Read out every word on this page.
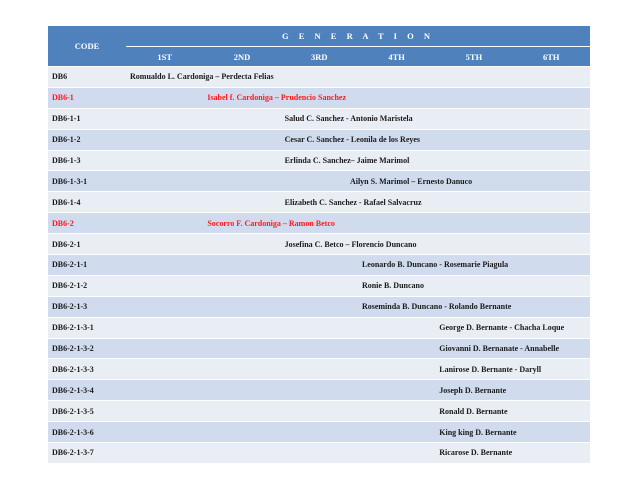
CODE	G E N E R A T I O N					
	1ST	2ND	3RD	4TH	5TH	6TH
DB6	Romualdo L. Cardoniga – Perdecta Felias					
DB6-1		Isabel f. Cardoniga – Prudencio Sanchez				
DB6-1-1			Salud C. Sanchez - Antonio Maristela			
DB6-1-2			Cesar C. Sanchez - Leonila de los Reyes			
DB6-1-3			Erlinda C. Sanchez– Jaime Marimol			
DB6-1-3-1				Ailyn S. Marimol – Ernesto Danuco		
DB6-1-4			Elizabeth C. Sanchez - Rafael Salvacruz			
DB6-2		Socorro F. Cardoniga – Ramon Betco				
DB6-2-1			Josefina C. Betco – Florencio Duncano			
DB6-2-1-1				Leonardo B. Duncano - Rosemarie Piagula		
DB6-2-1-2				Ronie B. Duncano		
DB6-2-1-3				Roseminda B. Duncano - Rolando Bernante		
DB6-2-1-3-1					George D. Bernante - Chacha Loque	
DB6-2-1-3-2					Giovanni D. Bernanate - Annabelle	
DB6-2-1-3-3					Lanirose D. Bernante - Daryll	
DB6-2-1-3-4					Joseph D. Bernante	
DB6-2-1-3-5					Ronald D. Bernante	
DB6-2-1-3-6					King king D. Bernante	
DB6-2-1-3-7					Ricarose D. Bernante	
